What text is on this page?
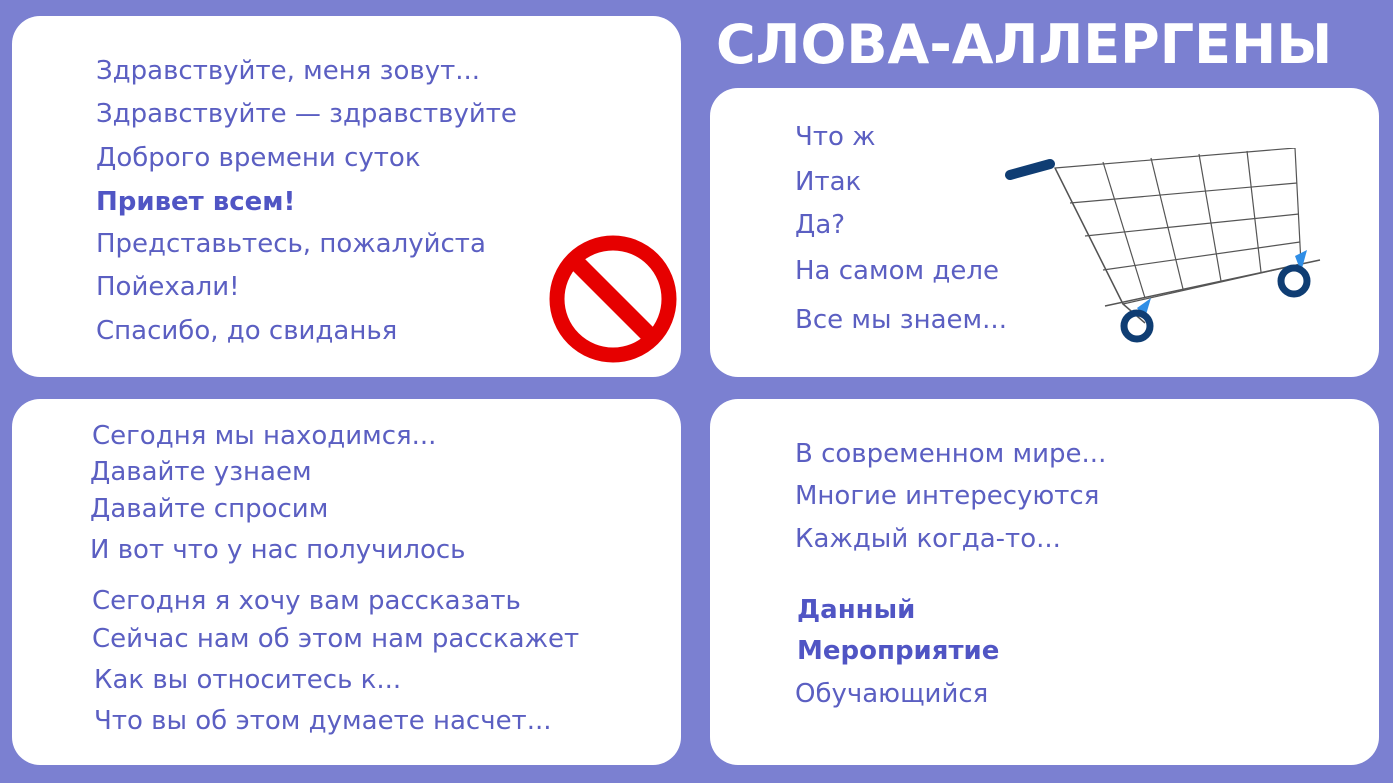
СЛОВА-АЛЛЕРГЕНЫ

Здравствуйте, меня зовут...

Здравствуйте — здравствуйте

Доброго времени суток

Привет всем!

Представьтесь, пожалуйста

Пойехали!

Спасибо, до свиданья

Что ж

Итак

Да?

На самом деле

Все мы знаем...

Сегодня мы находимся...

Давайте узнаем

Давайте спросим

И вот что у нас получилось

Сегодня я хочу вам рассказать

Сейчас нам об этом нам расскажет

Как вы относитесь к...

Что вы об этом думаете насчет...

В современном мире...

Многие интересуются

Каждый когда-то...

Данный

Мероприятие

Обучающийся
